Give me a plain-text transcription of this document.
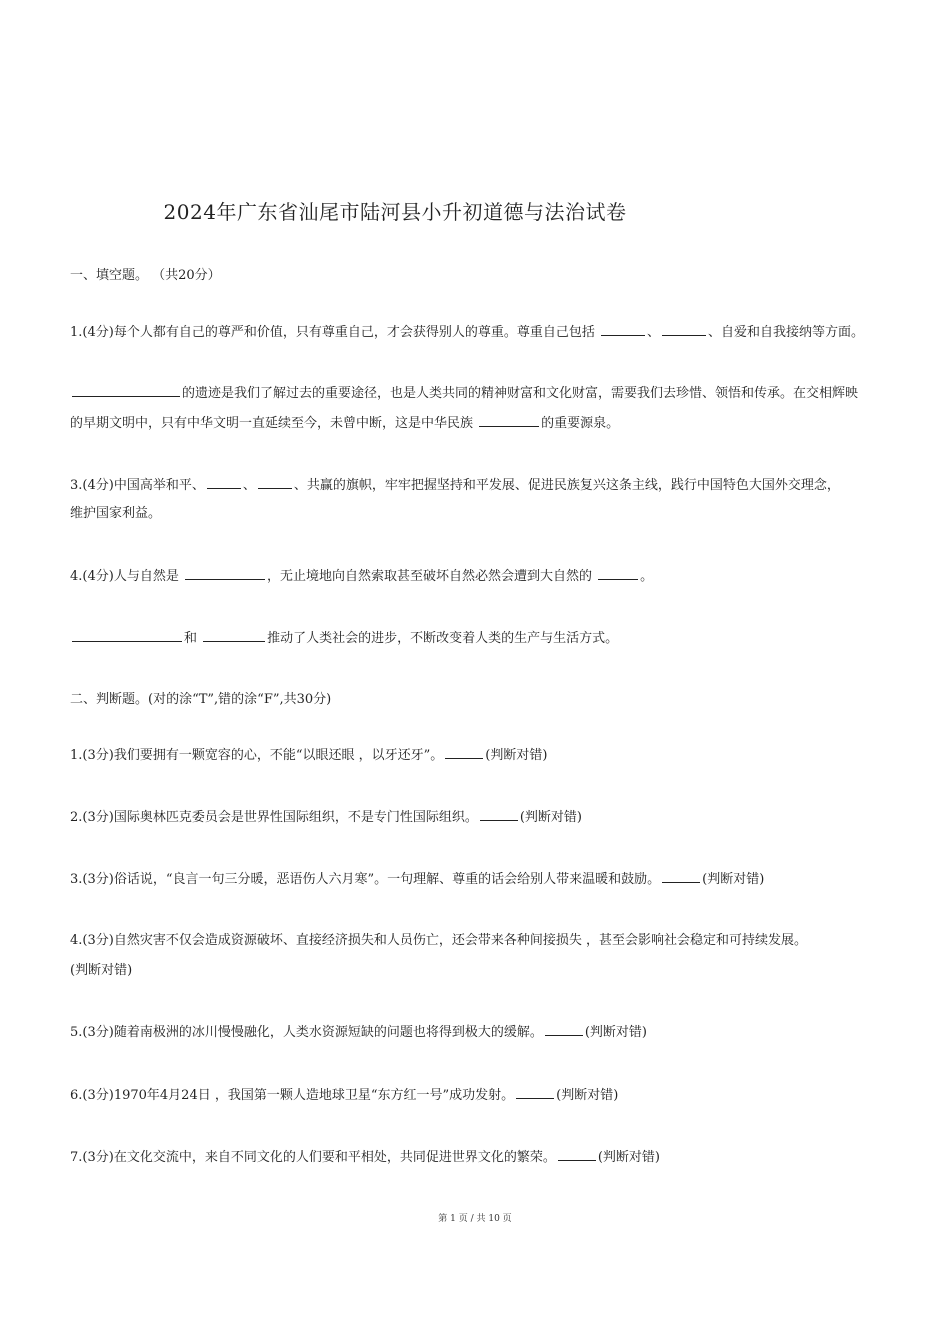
2024年广东省汕尾市陆河县小升初道德与法治试卷
一、填空题。 （共20分）
1.(4分)每个人都有自己的尊严和价值，只有尊重自己，才会获得别人的尊重。尊重自己包括	、	、自爱和自我接纳等方面。
的遗迹是我们了解过去的重要途径，也是人类共同的精神财富和文化财富，需要我们去珍惜、领悟和传承。在交相辉映
的早期文明中，只有中华文明一直延续至今，未曾中断，这是中华民族	的重要源泉。
3.(4分)中国高举和平、	、	、共赢的旗帜，牢牢把握坚持和平发展、促进民族复兴这条主线，践行中国特色大国外交理念，
维护国家利益。
4.(4分)人与自然是	，无止境地向自然索取甚至破坏自然必然会遭到大自然的	。
和	推动了人类社会的进步，不断改变着人类的生产与生活方式。
二、判断题。(对的涂“T”,错的涂“F”,共30分)
1.(3分)我们要拥有一颗宽容的心，不能“以眼还眼 ，以牙还牙”。	(判断对错)
2.(3分)国际奥林匹克委员会是世界性国际组织，不是专门性国际组织。	(判断对错)
3.(3分)俗话说，“良言一句三分暖，恶语伤人六月寒”。一句理解、尊重的话会给别人带来温暖和鼓励。	(判断对错)
4.(3分)自然灾害不仅会造成资源破坏、直接经济损失和人员伤亡，还会带来各种间接损失 ，甚至会影响社会稳定和可持续发展。
(判断对错)
5.(3分)随着南极洲的冰川慢慢融化，人类水资源短缺的问题也将得到极大的缓解。	(判断对错)
6.(3分)1970年4月24日 ，我国第一颗人造地球卫星“东方红一号”成功发射。	(判断对错)
7.(3分)在文化交流中，来自不同文化的人们要和平相处，共同促进世界文化的繁荣。	(判断对错)
第 1 页 / 共 10 页
